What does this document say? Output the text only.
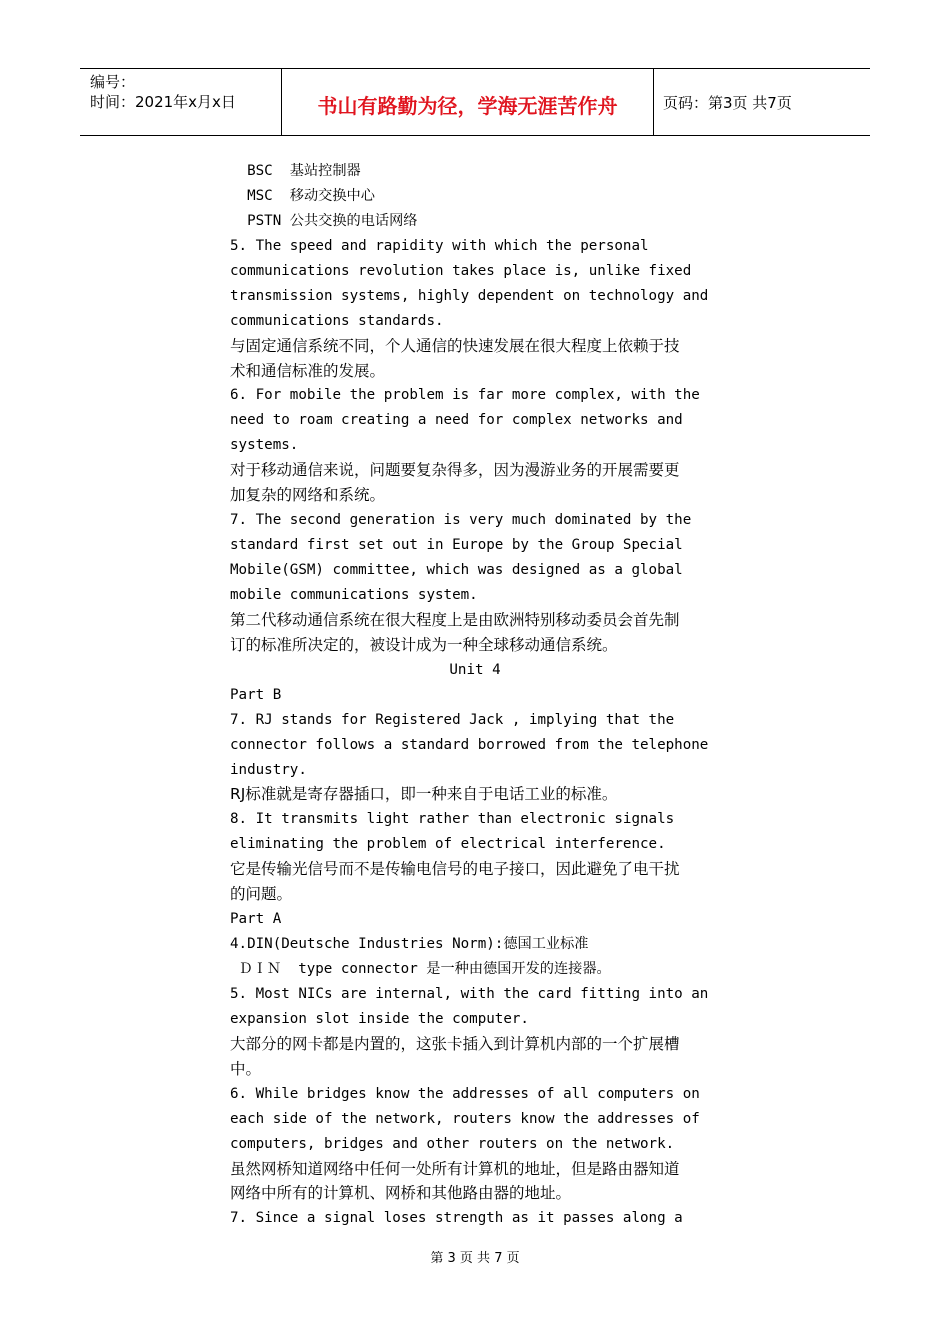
编号：
时间：2021年x月x日	书山有路勤为径，学海无涯苦作舟	页码：第3页 共7页
BSC  基站控制器
MSC  移动交换中心
PSTN 公共交换的电话网络
5. The speed and rapidity with which the personal
communications revolution takes place is, unlike fixed
transmission systems, highly dependent on technology and
communications standards.
与固定通信系统不同，个人通信的快速发展在很大程度上依赖于技
术和通信标准的发展。
6. For mobile the problem is far more complex, with the
need to roam creating a need for complex networks and
systems.
对于移动通信来说，问题要复杂得多，因为漫游业务的开展需要更
加复杂的网络和系统。
7. The second generation is very much dominated by the
standard first set out in Europe by the Group Special
Mobile(GSM) committee, which was designed as a global
mobile communications system.
第二代移动通信系统在很大程度上是由欧洲特别移动委员会首先制
订的标准所决定的，被设计成为一种全球移动通信系统。
Unit 4
Part B
7. RJ stands for Registered Jack , implying that the
connector follows a standard borrowed from the telephone
industry.
RJ标准就是寄存器插口，即一种来自于电话工业的标准。
8. It transmits light rather than electronic signals
eliminating the problem of electrical interference.
它是传输光信号而不是传输电信号的电子接口，因此避免了电干扰
的问题。
Part A
4.DIN(Deutsche Industries Norm):德国工业标准
ＤＩＮ  type connector 是一种由德国开发的连接器。
5. Most NICs are internal, with the card fitting into an
expansion slot inside the computer.
大部分的网卡都是内置的，这张卡插入到计算机内部的一个扩展槽
中。
6. While bridges know the addresses of all computers on
each side of the network, routers know the addresses of
computers, bridges and other routers on the network.
虽然网桥知道网络中任何一处所有计算机的地址，但是路由器知道
网络中所有的计算机、网桥和其他路由器的地址。
7. Since a signal loses strength as it passes along a
第 3 页 共 7 页
